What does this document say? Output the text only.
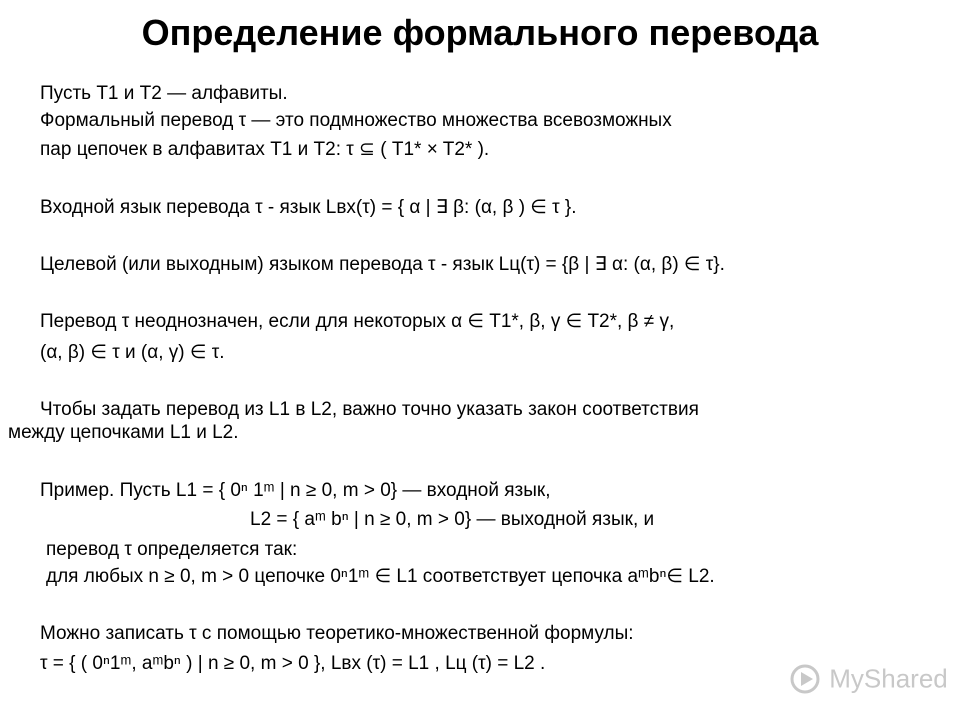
Определение формального перевода
Пусть T1 и T2 — алфавиты.
Формальный перевод τ — это подмножество множества всевозможных
пар цепочек в алфавитах T1 и T2: τ ⊆ ( T1* × T2* ).
Входной язык перевода τ - язык Lвх(τ) = { α | ∃ β: (α, β ) ∈ τ }.
Целевой (или выходным) языком перевода τ - язык Lц(τ) = {β | ∃ α: (α, β) ∈ τ}.
Перевод τ неоднозначен, если для некоторых α ∈ T1*, β, γ ∈ T2*, β ≠ γ,
(α, β) ∈ τ и (α, γ) ∈ τ.
Чтобы задать перевод из L1 в L2, важно точно указать закон соответствия
между цепочками L1 и L2.
Пример. Пусть L1 = { 0ⁿ 1ᵐ | n ≥ 0, m > 0} — входной язык,
L2 = { aᵐ bⁿ | n ≥ 0, m > 0} — выходной язык, и
перевод τ определяется так:
для любых n ≥ 0, m > 0 цепочке 0ⁿ1ᵐ ∈ L1 соответствует цепочка aᵐbⁿ∈ L2.
Можно записать τ с помощью теоретико-множественной формулы:
τ = { ( 0ⁿ1ᵐ, aᵐbⁿ ) | n ≥ 0, m > 0 }, Lвх (τ) = L1 , Lц (τ) = L2 .
MyShared
